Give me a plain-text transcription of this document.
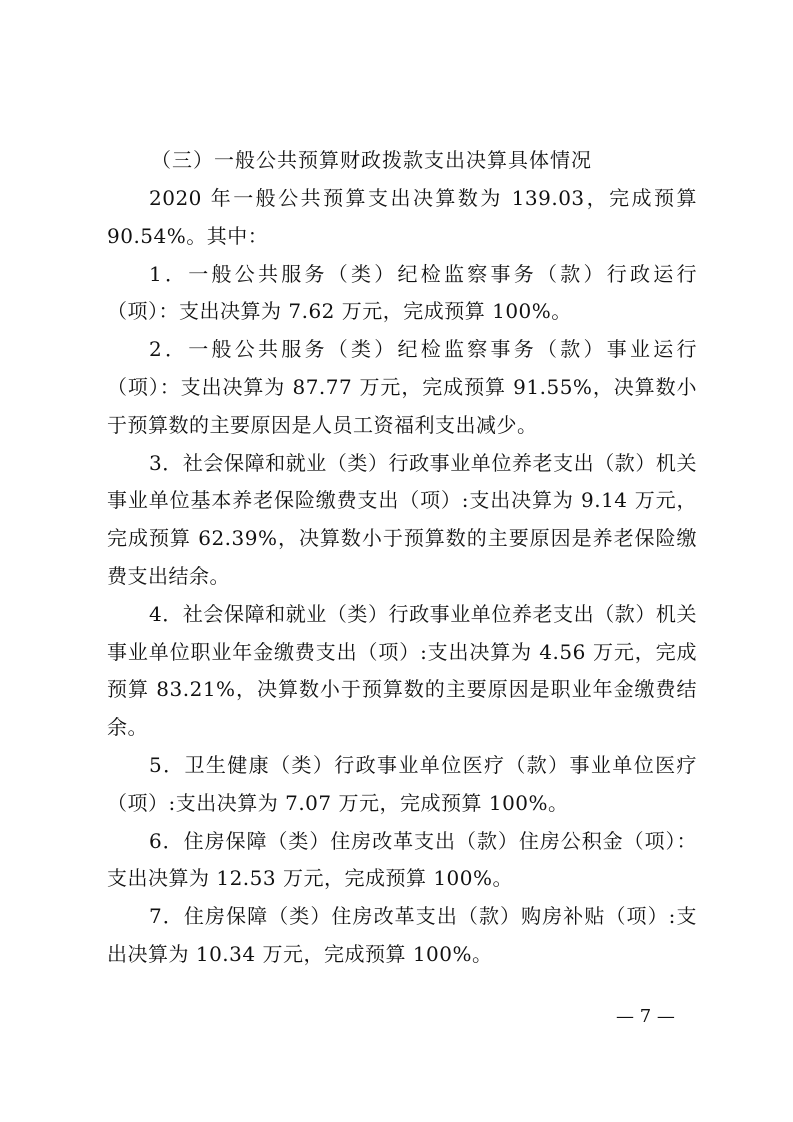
（三）一般公共预算财政拨款支出决算具体情况

2020 年一般公共预算支出决算数为 139.03，完成预算 90.54%。其中：

1．一般公共服务（类）纪检监察事务（款）行政运行（项）：支出决算为 7.62 万元，完成预算 100%。

2．一般公共服务（类）纪检监察事务（款）事业运行（项）：支出决算为 87.77 万元，完成预算 91.55%，决算数小于预算数的主要原因是人员工资福利支出减少。

3．社会保障和就业（类）行政事业单位养老支出（款）机关事业单位基本养老保险缴费支出（项）:支出决算为 9.14 万元，完成预算 62.39%，决算数小于预算数的主要原因是养老保险缴费支出结余。

4．社会保障和就业（类）行政事业单位养老支出（款）机关事业单位职业年金缴费支出（项）:支出决算为 4.56 万元，完成预算 83.21%，决算数小于预算数的主要原因是职业年金缴费结余。

5．卫生健康（类）行政事业单位医疗（款）事业单位医疗（项）:支出决算为 7.07 万元，完成预算 100%。

6．住房保障（类）住房改革支出（款）住房公积金（项）：支出决算为 12.53 万元，完成预算 100%。

7．住房保障（类）住房改革支出（款）购房补贴（项）:支出决算为 10.34 万元，完成预算 100%。

— 7 —
